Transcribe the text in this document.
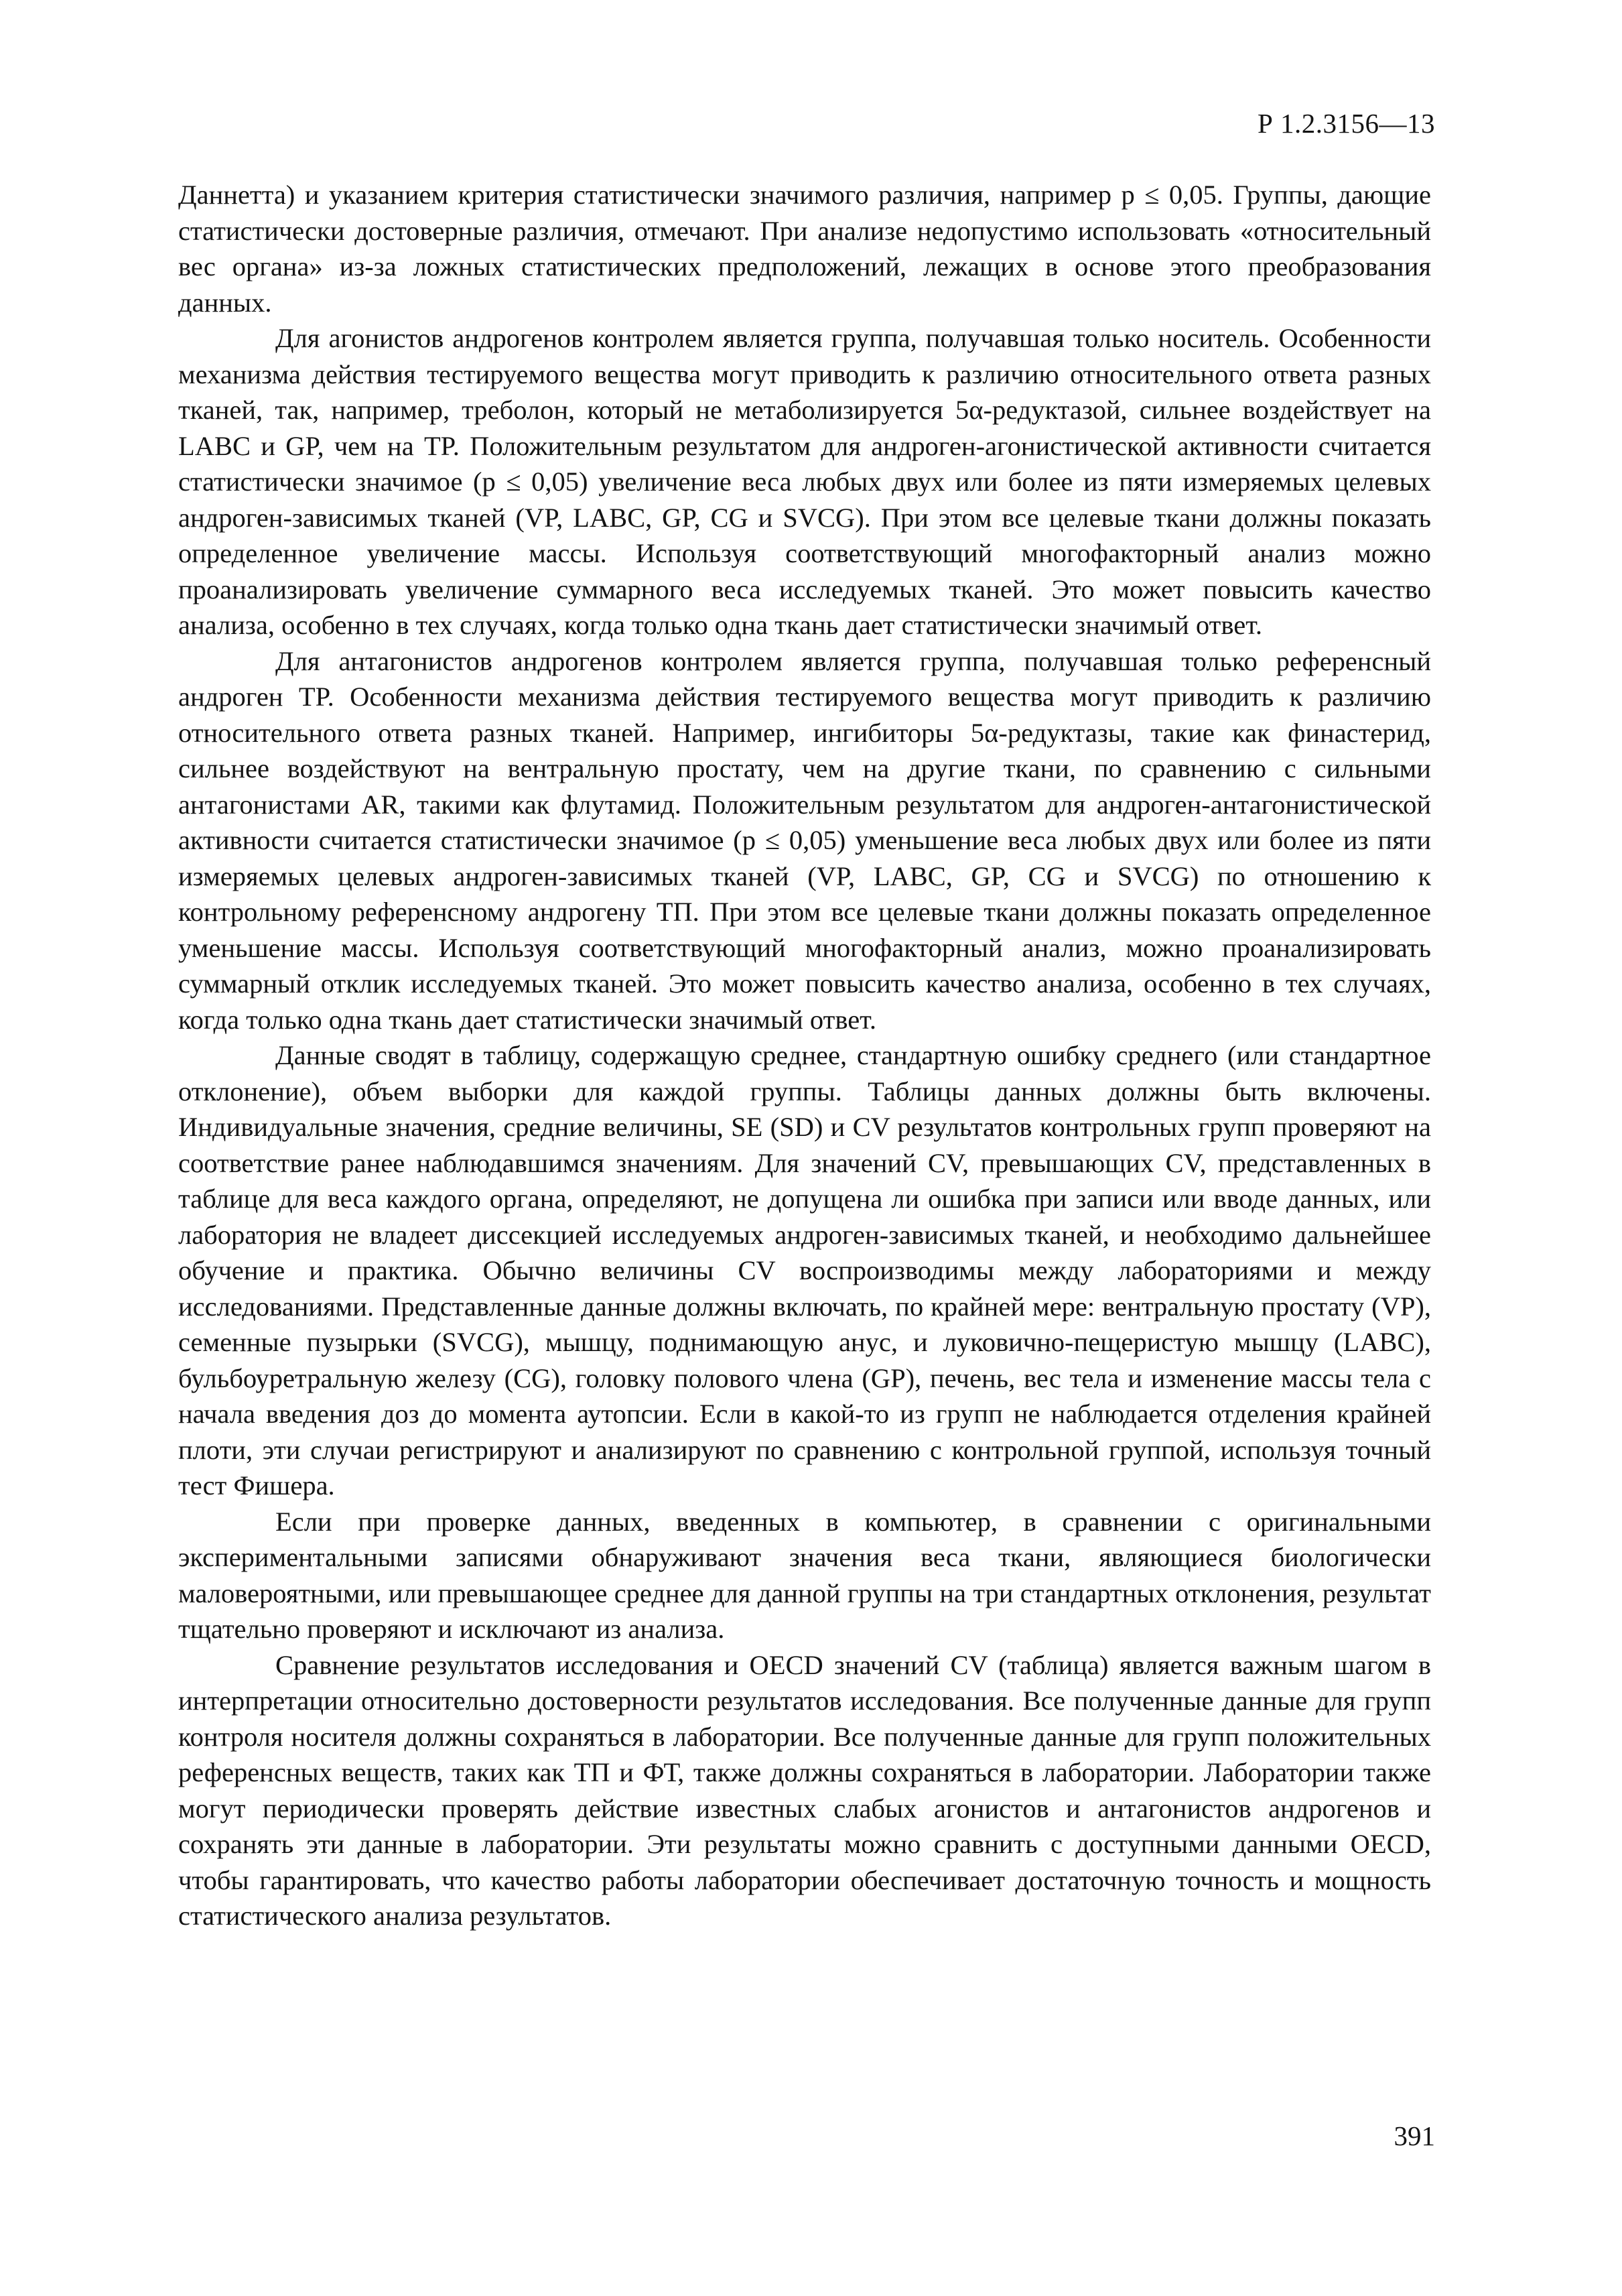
Р 1.2.3156—13

Даннетта) и указанием критерия статистически значимого различия, например p ≤ 0,05. Группы, дающие статистически достоверные различия, отмечают. При анализе недопустимо использовать «относительный вес органа» из-за ложных статистических предположений, лежащих в основе этого преобразования данных.

Для агонистов андрогенов контролем является группа, получавшая только носитель. Особенности механизма действия тестируемого вещества могут приводить к различию относительного ответа разных тканей, так, например, треболон, который не метаболизируется 5α-редуктазой, сильнее воздействует на LABC и GP, чем на TP. Положительным результатом для андроген-агонистической активности считается статистически значимое (p ≤ 0,05) увеличение веса любых двух или более из пяти измеряемых целевых андроген-зависимых тканей (VP, LABC, GP, CG и SVCG). При этом все целевые ткани должны показать определенное увеличение массы. Используя соответствующий многофакторный анализ можно проанализировать увеличение суммарного веса исследуемых тканей. Это может повысить качество анализа, особенно в тех случаях, когда только одна ткань дает статистически значимый ответ.

Для антагонистов андрогенов контролем является группа, получавшая только референсный андроген TP. Особенности механизма действия тестируемого вещества могут приводить к различию относительного ответа разных тканей. Например, ингибиторы 5α-редуктазы, такие как финастерид, сильнее воздействуют на вентральную простату, чем на другие ткани, по сравнению с сильными антагонистами AR, такими как флутамид. Положительным результатом для андроген-антагонистической активности считается статистически значимое (p ≤ 0,05) уменьшение веса любых двух или более из пяти измеряемых целевых андроген-зависимых тканей (VP, LABC, GP, CG и SVCG) по отношению к контрольному референсному андрогену ТП. При этом все целевые ткани должны показать определенное уменьшение массы. Используя соответствующий многофакторный анализ, можно проанализировать суммарный отклик исследуемых тканей. Это может повысить качество анализа, особенно в тех случаях, когда только одна ткань дает статистически значимый ответ.

Данные сводят в таблицу, содержащую среднее, стандартную ошибку среднего (или стандартное отклонение), объем выборки для каждой группы. Таблицы данных должны быть включены. Индивидуальные значения, средние величины, SE (SD) и CV результатов контрольных групп проверяют на соответствие ранее наблюдавшимся значениям. Для значений CV, превышающих CV, представленных в таблице для веса каждого органа, определяют, не допущена ли ошибка при записи или вводе данных, или лаборатория не владеет диссекцией исследуемых андроген-зависимых тканей, и необходимо дальнейшее обучение и практика. Обычно величины CV воспроизводимы между лабораториями и между исследованиями. Представленные данные должны включать, по крайней мере: вентральную простату (VP), семенные пузырьки (SVCG), мышцу, поднимающую анус, и луковично-пещеристую мышцу (LABC), бульбоуретральную железу (CG), головку полового члена (GP), печень, вес тела и изменение массы тела с начала введения доз до момента аутопсии. Если в какой-то из групп не наблюдается отделения крайней плоти, эти случаи регистрируют и анализируют по сравнению с контрольной группой, используя точный тест Фишера.

Если при проверке данных, введенных в компьютер, в сравнении с оригинальными экспериментальными записями обнаруживают значения веса ткани, являющиеся биологически маловероятными, или превышающее среднее для данной группы на три стандартных отклонения, результат тщательно проверяют и исключают из анализа.

Сравнение результатов исследования и OECD значений CV (таблица) является важным шагом в интерпретации относительно достоверности результатов исследования. Все полученные данные для групп контроля носителя должны сохраняться в лаборатории. Все полученные данные для групп положительных референсных веществ, таких как ТП и ФТ, также должны сохраняться в лаборатории. Лаборатории также могут периодически проверять действие известных слабых агонистов и антагонистов андрогенов и сохранять эти данные в лаборатории. Эти результаты можно сравнить с доступными данными OECD, чтобы гарантировать, что качество работы лаборатории обеспечивает достаточную точность и мощность статистического анализа результатов.

391
